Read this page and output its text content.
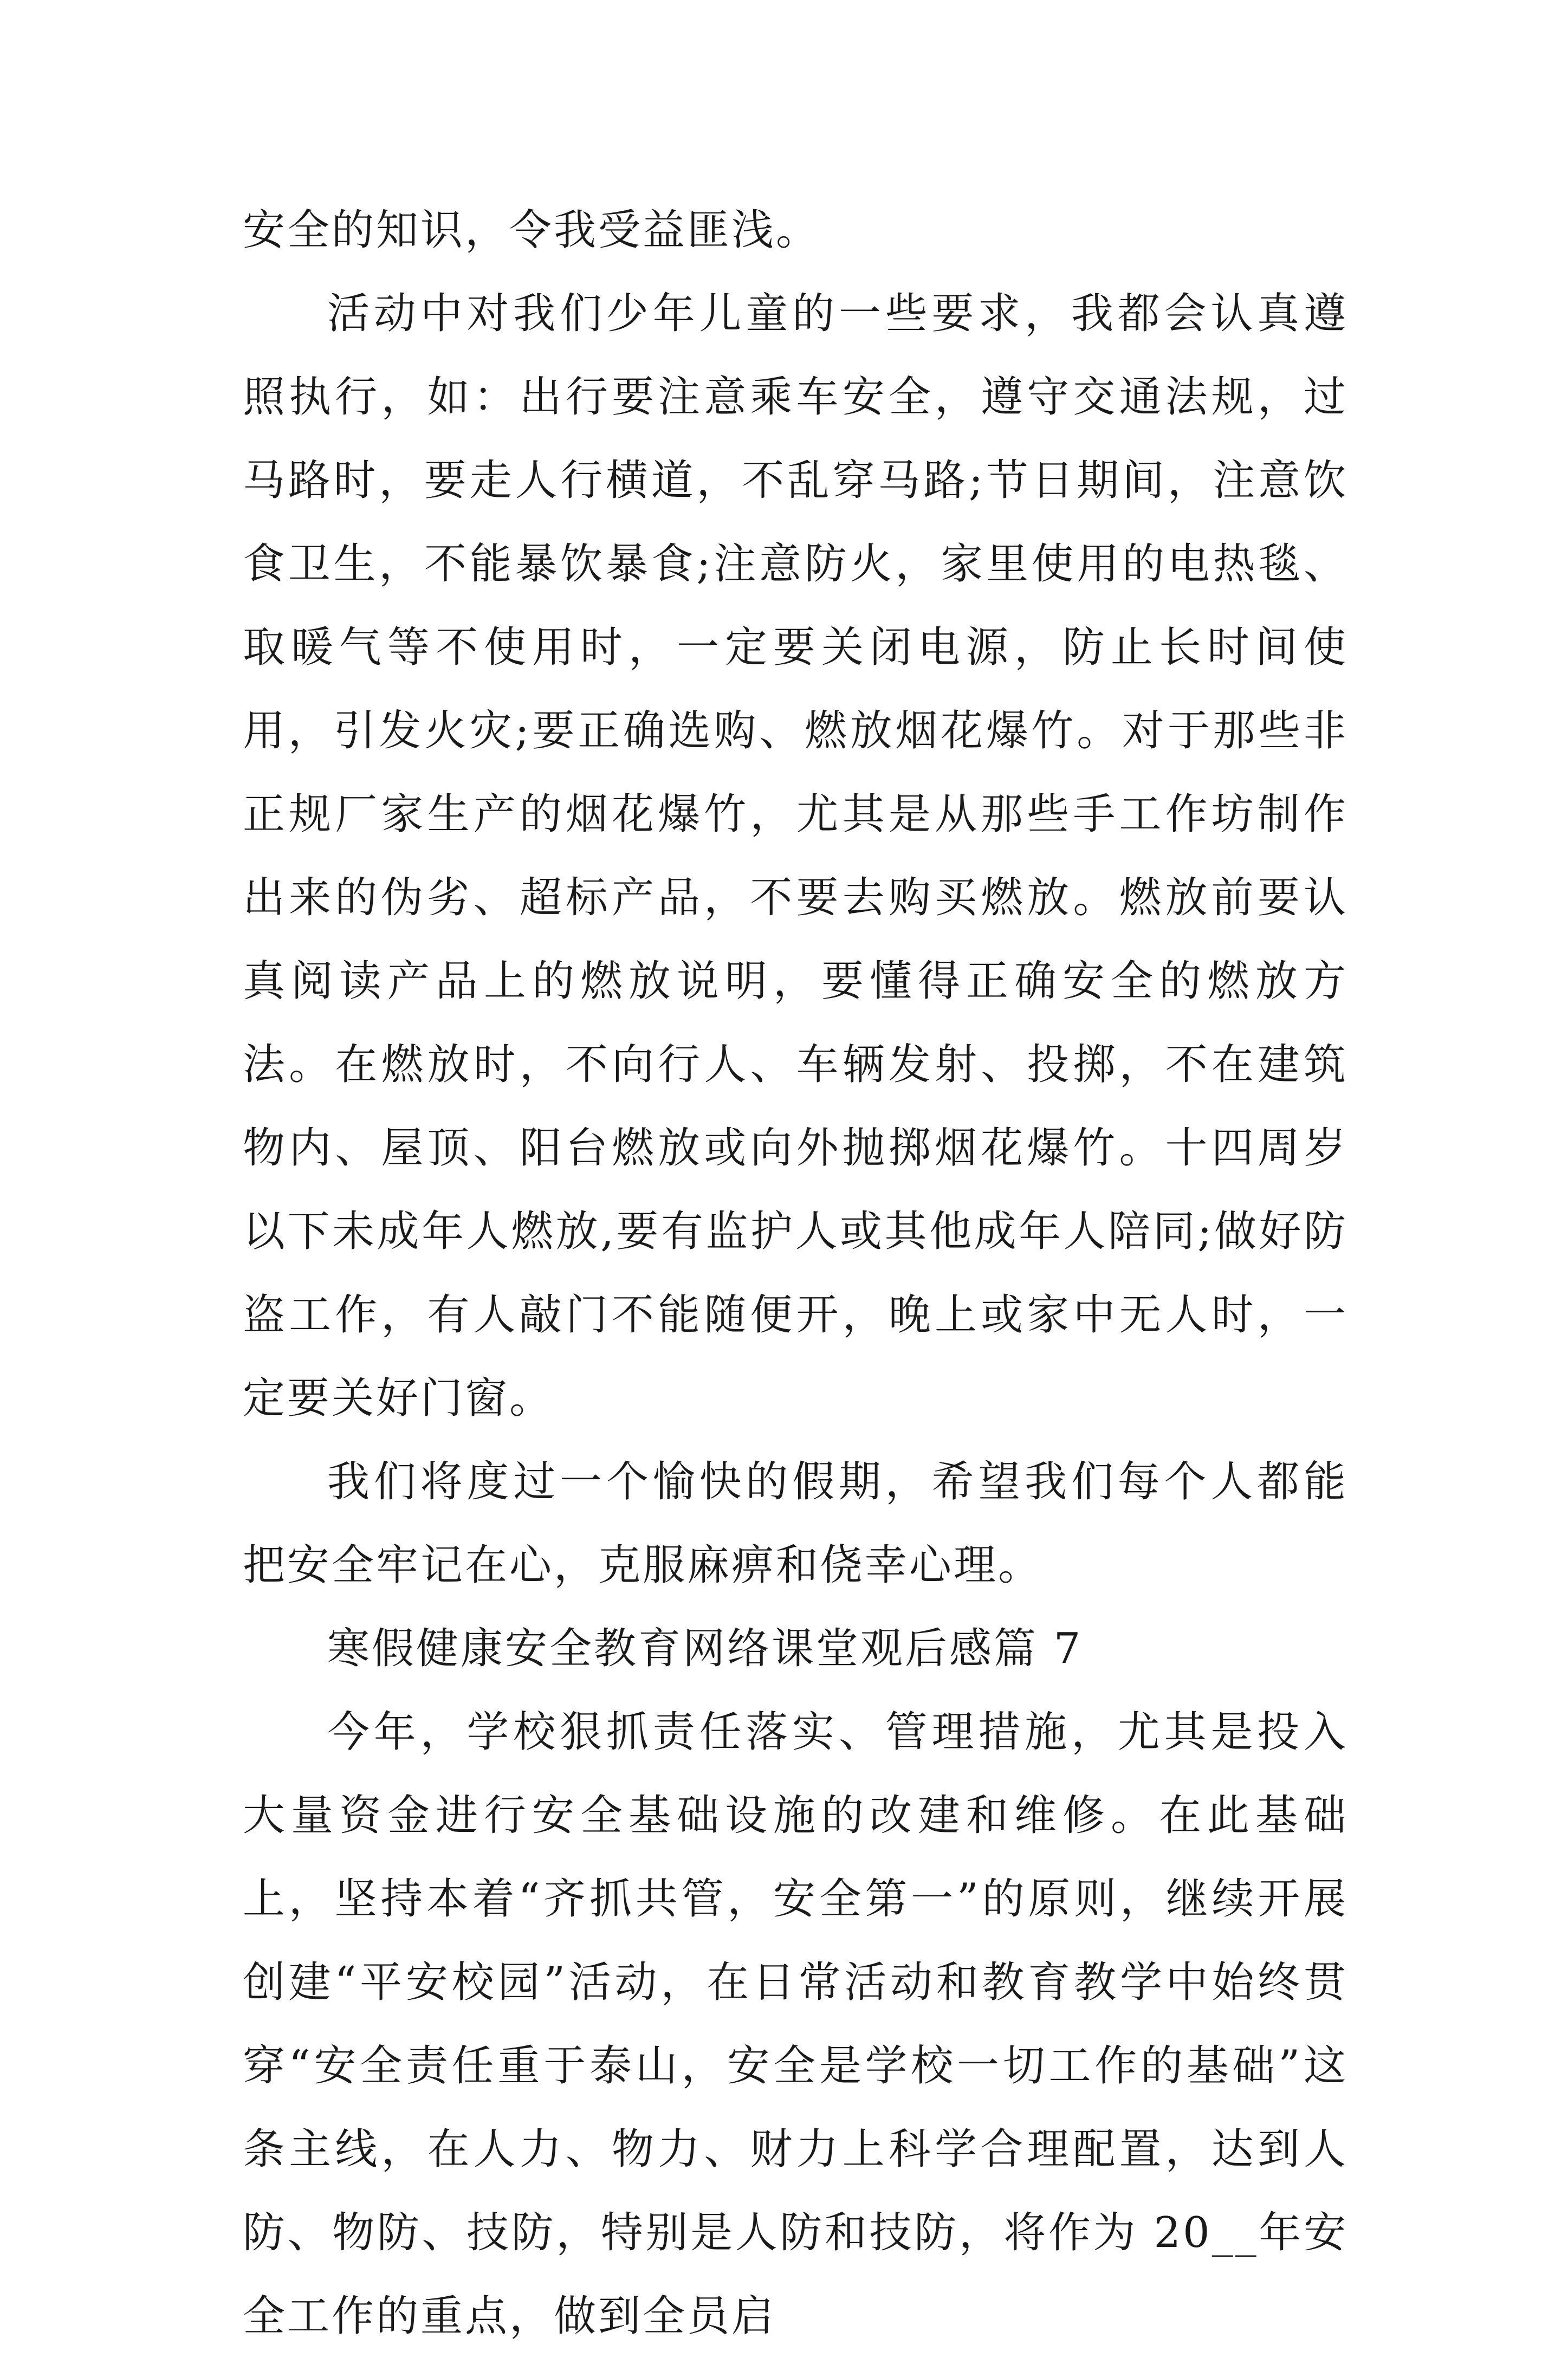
安全的知识，令我受益匪浅。

活动中对我们少年儿童的一些要求，我都会认真遵照执行，如：出行要注意乘车安全，遵守交通法规，过马路时，要走人行横道，不乱穿马路;节日期间，注意饮食卫生，不能暴饮暴食;注意防火，家里使用的电热毯、取暖气等不使用时，一定要关闭电源，防止长时间使用，引发火灾;要正确选购、燃放烟花爆竹。对于那些非正规厂家生产的烟花爆竹，尤其是从那些手工作坊制作出来的伪劣、超标产品，不要去购买燃放。燃放前要认真阅读产品上的燃放说明，要懂得正确安全的燃放方法。在燃放时，不向行人、车辆发射、投掷，不在建筑物内、屋顶、阳台燃放或向外抛掷烟花爆竹。十四周岁以下未成年人燃放,要有监护人或其他成年人陪同;做好防盗工作，有人敲门不能随便开，晚上或家中无人时，一定要关好门窗。

我们将度过一个愉快的假期，希望我们每个人都能把安全牢记在心，克服麻痹和侥幸心理。

寒假健康安全教育网络课堂观后感篇 7

今年，学校狠抓责任落实、管理措施，尤其是投入大量资金进行安全基础设施的改建和维修。在此基础上，坚持本着“齐抓共管，安全第一”的原则，继续开展创建“平安校园”活动，在日常活动和教育教学中始终贯穿“安全责任重于泰山，安全是学校一切工作的基础”这条主线，在人力、物力、财力上科学合理配置，达到人防、物防、技防，特别是人防和技防，将作为 20__年安全工作的重点，做到全员启
